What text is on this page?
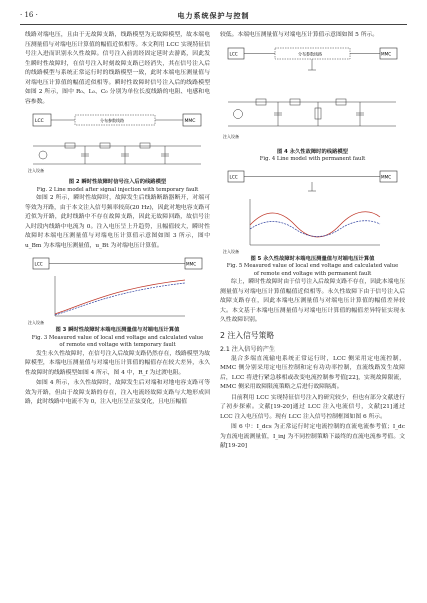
· 16 ·	电力系统保护与控制

线路对端电压，且由于无故障支路，线路模型为无故障模型，故本端电压测量值与对端电压计算值的幅值近似相等。本文利用 LCC 实现特征信号注入进而识别永久性故障。信号注入前需经固定延时去游离，因此发生瞬时性故障时，在信号注入时刻故障支路已经消失，其在信号注入后的线路模型与系统正常运行时的线路模型一致，此时本端电压测量值与对端电压计算值的幅值近似相等。瞬时性故障时信号注入后的线路模型如图 2 所示，图中 R₀、L₀、C₀ 分别为单位长度线路的电阻、电感和电容参数。

LCC	MMC
分布参数线路
注入设备

图 2 瞬时性故障时信号注入后的线路模型

Fig. 2 Line model after signal injection with temporary fault

如图 2 所示，瞬时性故障时，故障发生后线路断路器断开，对端可等效为开路，由于本文注入信号频率较高(20 Hz)，因此对地电容支路可近似为开路，此时线路中不存在故障支路，因此无故障回路，故信号注入时段内线路中电流为 0。注入电压呈上升趋势，且幅值较大，瞬时性故障时本端电压测量值与对端电压计算值示意图如图 3 所示，图中 u_Bm 为本端电压测量值，u_Bt 为对端电压计算值。

LCC	MMC
注入设备

图 3 瞬时性故障时本端电压测量值与对端电压计算值

Fig. 3 Measured value of local end voltage and calculated value

of remote end voltage with temporary fault

发生永久性故障时，在信号注入后故障支路仍然存在，线路模型为故障模型，本端电压测量值与对端电压计算值的幅值存在较大差异，永久性故障时的线路模型如图 4 所示，图 4 中，R_f 为过渡电阻。

如图 4 所示，永久性故障时，故障发生后对端和对地电容支路可等效为开路，但由于故障支路的存在，注入电流经故障支路与大地形成回路，此时线路中电流不为 0，注入电压呈正弦变化，且电压幅值

较低。本端电压测量值与对端电压计算值示意图如图 5 所示。

LCC	MMC
分布参数线路
注入设备

图 4 永久性故障时的线路模型

Fig. 4 Line model with permanent fault

LCC	MMC
注入设备

图 5 永久性故障时本端电压测量值与对端电压计算值

Fig. 5 Measured value of local end voltage and calculated value

of remote end voltage with permanent fault

综上，瞬时性故障时由于信号注入后故障支路不存在，因此本端电压测量值与对端电压计算值幅值近似相等。永久性故障下由于信号注入后故障支路存在，因此本端电压测量值与对端电压计算值的幅值差异较大。本文基于本端电压测量值与对端电压计算值的幅值差异特征实现永久性故障识别。

2 注入信号策略
2.1 注入信号的产生

混合多端直流输电系统正常运行时，LCC 侧采用定电流控制，MMC 侧分别采用定电压控制和定有功功率控制，直流线路发生故障后，LCC 将进行紧急移相或改变电流控制参考值[22]，实现故障限流，MMC 侧采用故障限流策略之后进行故障隔离。

目前利用 LCC 实现特征信号注入的研究较少，但也有部分文献进行了初步探索。文献[19-20]通过 LCC 注入电流信号，文献[21]通过 LCC 注入电压信号。现有 LCC 注入信号控制框图如图 6 所示。

图 6 中：I_dcs 为正常运行时定电流控制的直流电流参考值；I_dc 为直流电流测量值，I_inj 为不同控制策略下最终的直流电流参考值。文献[19-20]
